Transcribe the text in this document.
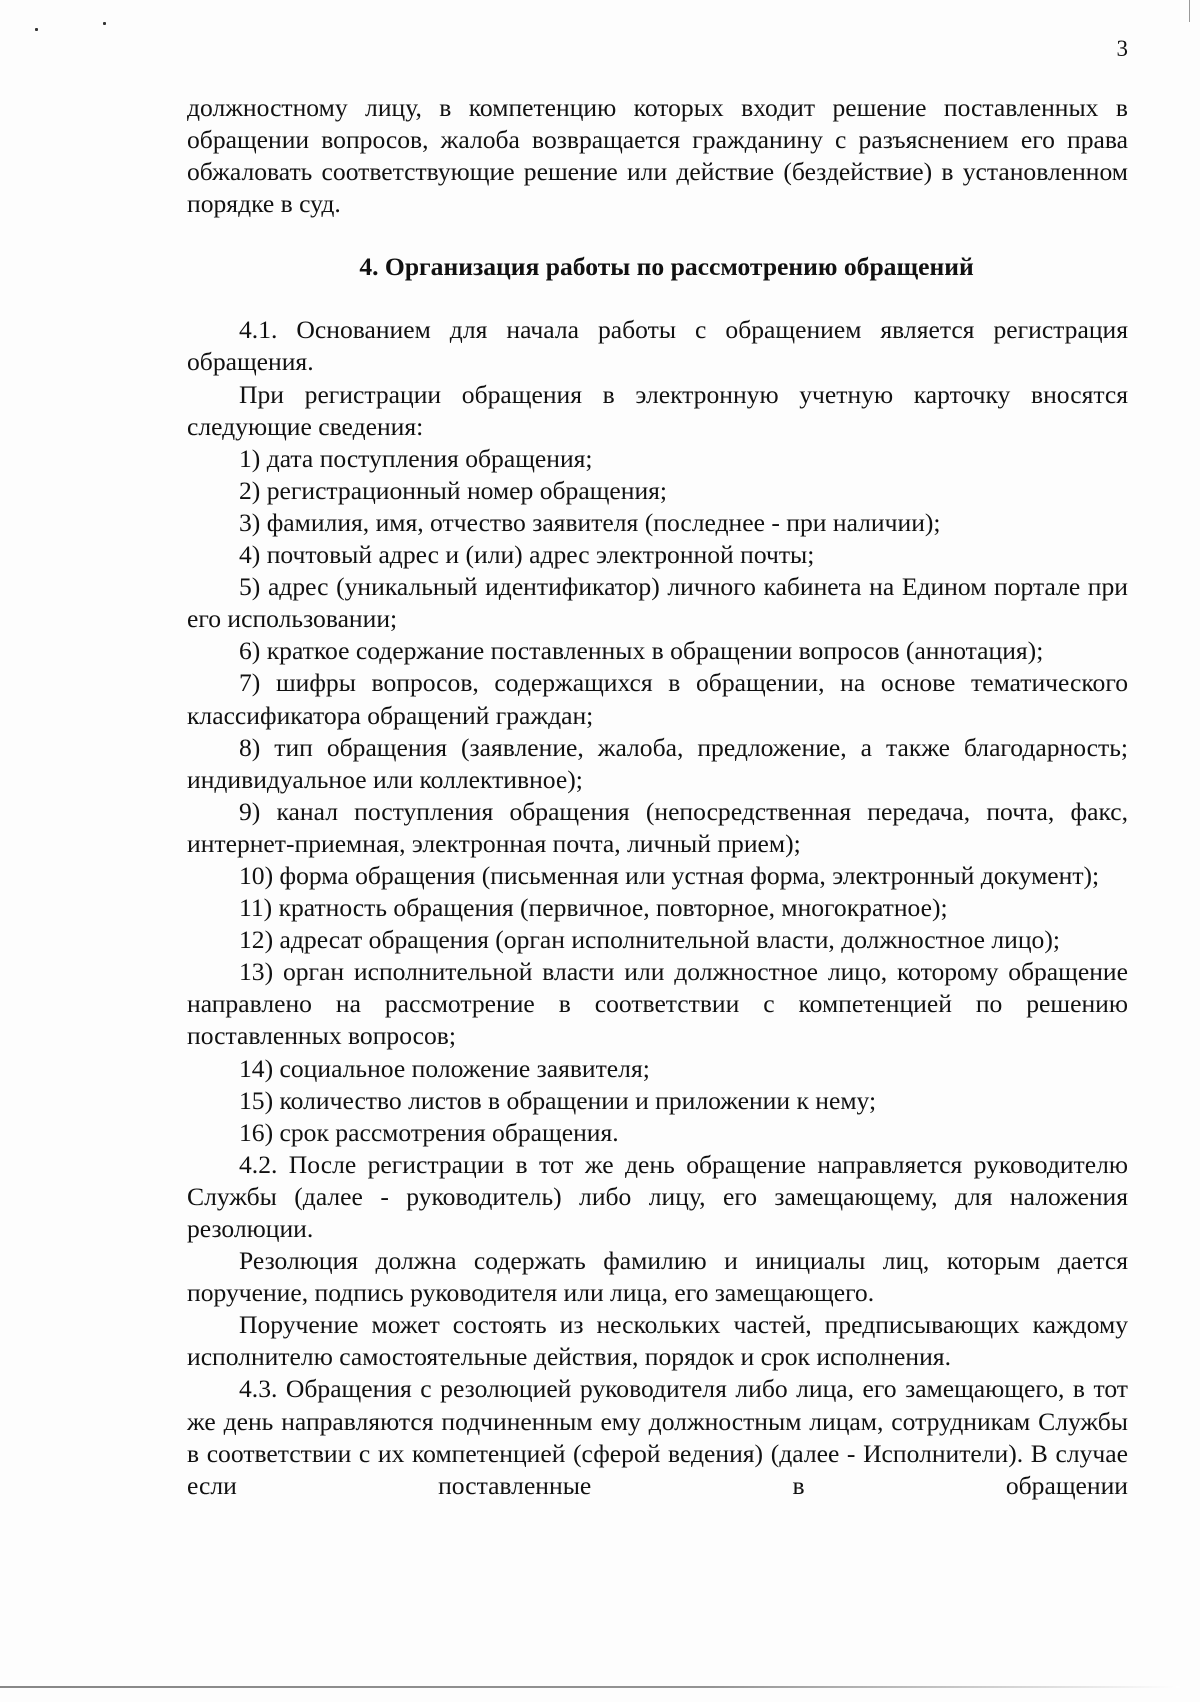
3

должностному лицу, в компетенцию которых входит решение поставленных в обращении вопросов, жалоба возвращается гражданину с разъяснением его права обжаловать соответствующие решение или действие (бездействие) в установленном порядке в суд.

4. Организация работы по рассмотрению обращений

4.1. Основанием для начала работы с обращением является регистрация обращения.

При регистрации обращения в электронную учетную карточку вносятся следующие сведения:

1) дата поступления обращения;

2) регистрационный номер обращения;

3) фамилия, имя, отчество заявителя (последнее - при наличии);

4) почтовый адрес и (или) адрес электронной почты;

5) адрес (уникальный идентификатор) личного кабинета на Едином портале при его использовании;

6) краткое содержание поставленных в обращении вопросов (аннотация);

7) шифры вопросов, содержащихся в обращении, на основе тематического классификатора обращений граждан;

8) тип обращения (заявление, жалоба, предложение, а также благодарность; индивидуальное или коллективное);

9) канал поступления обращения (непосредственная передача, почта, факс, интернет-приемная, электронная почта, личный прием);

10) форма обращения (письменная или устная форма, электронный документ);

11) кратность обращения (первичное, повторное, многократное);

12) адресат обращения (орган исполнительной власти, должностное лицо);

13) орган исполнительной власти или должностное лицо, которому обращение направлено на рассмотрение в соответствии с компетенцией по решению поставленных вопросов;

14) социальное положение заявителя;

15) количество листов в обращении и приложении к нему;

16) срок рассмотрения обращения.

4.2. После регистрации в тот же день обращение направляется руководителю Службы (далее - руководитель) либо лицу, его замещающему, для наложения резолюции.

Резолюция должна содержать фамилию и инициалы лиц, которым дается поручение, подпись руководителя или лица, его замещающего.

Поручение может состоять из нескольких частей, предписывающих каждому исполнителю самостоятельные действия, порядок и срок исполнения.

4.3. Обращения с резолюцией руководителя либо лица, его замещающего, в тот же день направляются подчиненным ему должностным лицам, сотрудникам Службы в соответствии с их компетенцией (сферой ведения) (далее - Исполнители). В случае если поставленные в обращении
